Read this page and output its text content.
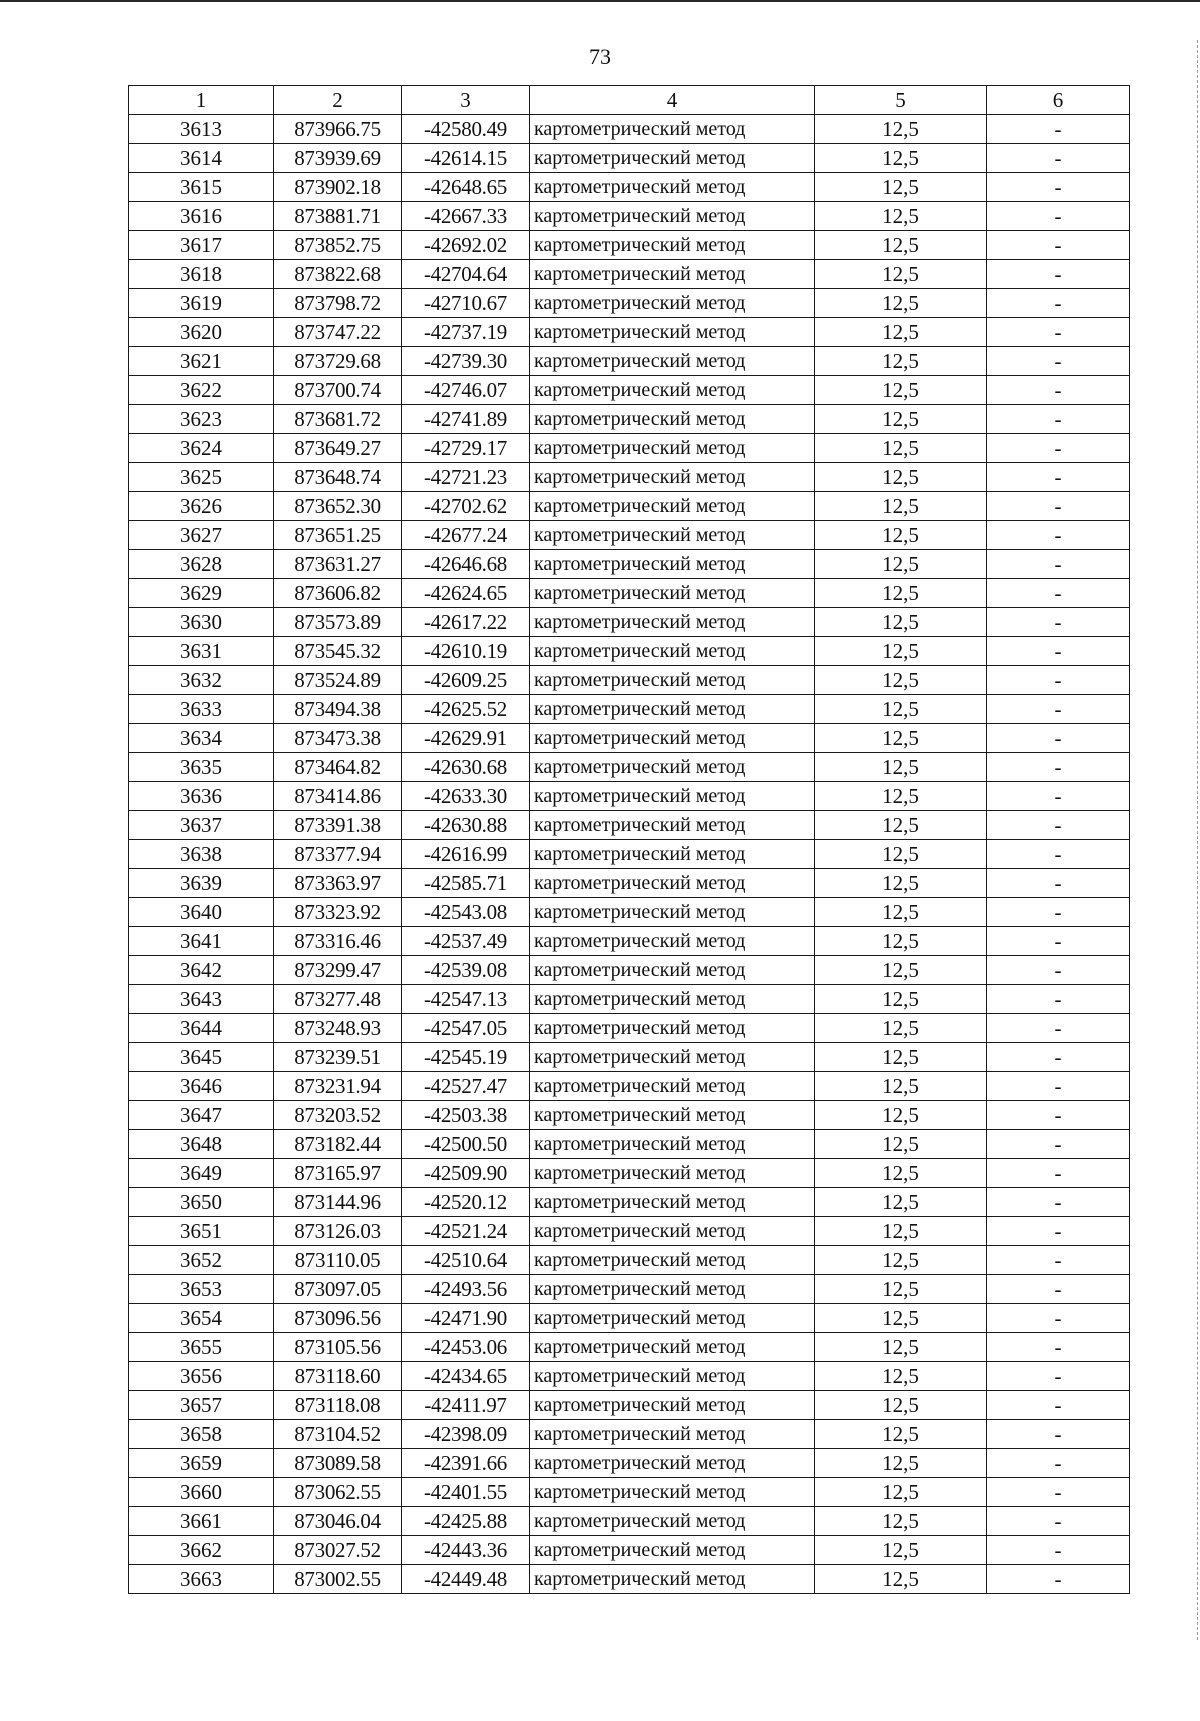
73
1	2	3	4	5	6
3613	873966.75	-42580.49	картометрический метод	12,5	-
3614	873939.69	-42614.15	картометрический метод	12,5	-
3615	873902.18	-42648.65	картометрический метод	12,5	-
3616	873881.71	-42667.33	картометрический метод	12,5	-
3617	873852.75	-42692.02	картометрический метод	12,5	-
3618	873822.68	-42704.64	картометрический метод	12,5	-
3619	873798.72	-42710.67	картометрический метод	12,5	-
3620	873747.22	-42737.19	картометрический метод	12,5	-
3621	873729.68	-42739.30	картометрический метод	12,5	-
3622	873700.74	-42746.07	картометрический метод	12,5	-
3623	873681.72	-42741.89	картометрический метод	12,5	-
3624	873649.27	-42729.17	картометрический метод	12,5	-
3625	873648.74	-42721.23	картометрический метод	12,5	-
3626	873652.30	-42702.62	картометрический метод	12,5	-
3627	873651.25	-42677.24	картометрический метод	12,5	-
3628	873631.27	-42646.68	картометрический метод	12,5	-
3629	873606.82	-42624.65	картометрический метод	12,5	-
3630	873573.89	-42617.22	картометрический метод	12,5	-
3631	873545.32	-42610.19	картометрический метод	12,5	-
3632	873524.89	-42609.25	картометрический метод	12,5	-
3633	873494.38	-42625.52	картометрический метод	12,5	-
3634	873473.38	-42629.91	картометрический метод	12,5	-
3635	873464.82	-42630.68	картометрический метод	12,5	-
3636	873414.86	-42633.30	картометрический метод	12,5	-
3637	873391.38	-42630.88	картометрический метод	12,5	-
3638	873377.94	-42616.99	картометрический метод	12,5	-
3639	873363.97	-42585.71	картометрический метод	12,5	-
3640	873323.92	-42543.08	картометрический метод	12,5	-
3641	873316.46	-42537.49	картометрический метод	12,5	-
3642	873299.47	-42539.08	картометрический метод	12,5	-
3643	873277.48	-42547.13	картометрический метод	12,5	-
3644	873248.93	-42547.05	картометрический метод	12,5	-
3645	873239.51	-42545.19	картометрический метод	12,5	-
3646	873231.94	-42527.47	картометрический метод	12,5	-
3647	873203.52	-42503.38	картометрический метод	12,5	-
3648	873182.44	-42500.50	картометрический метод	12,5	-
3649	873165.97	-42509.90	картометрический метод	12,5	-
3650	873144.96	-42520.12	картометрический метод	12,5	-
3651	873126.03	-42521.24	картометрический метод	12,5	-
3652	873110.05	-42510.64	картометрический метод	12,5	-
3653	873097.05	-42493.56	картометрический метод	12,5	-
3654	873096.56	-42471.90	картометрический метод	12,5	-
3655	873105.56	-42453.06	картометрический метод	12,5	-
3656	873118.60	-42434.65	картометрический метод	12,5	-
3657	873118.08	-42411.97	картометрический метод	12,5	-
3658	873104.52	-42398.09	картометрический метод	12,5	-
3659	873089.58	-42391.66	картометрический метод	12,5	-
3660	873062.55	-42401.55	картометрический метод	12,5	-
3661	873046.04	-42425.88	картометрический метод	12,5	-
3662	873027.52	-42443.36	картометрический метод	12,5	-
3663	873002.55	-42449.48	картометрический метод	12,5	-
